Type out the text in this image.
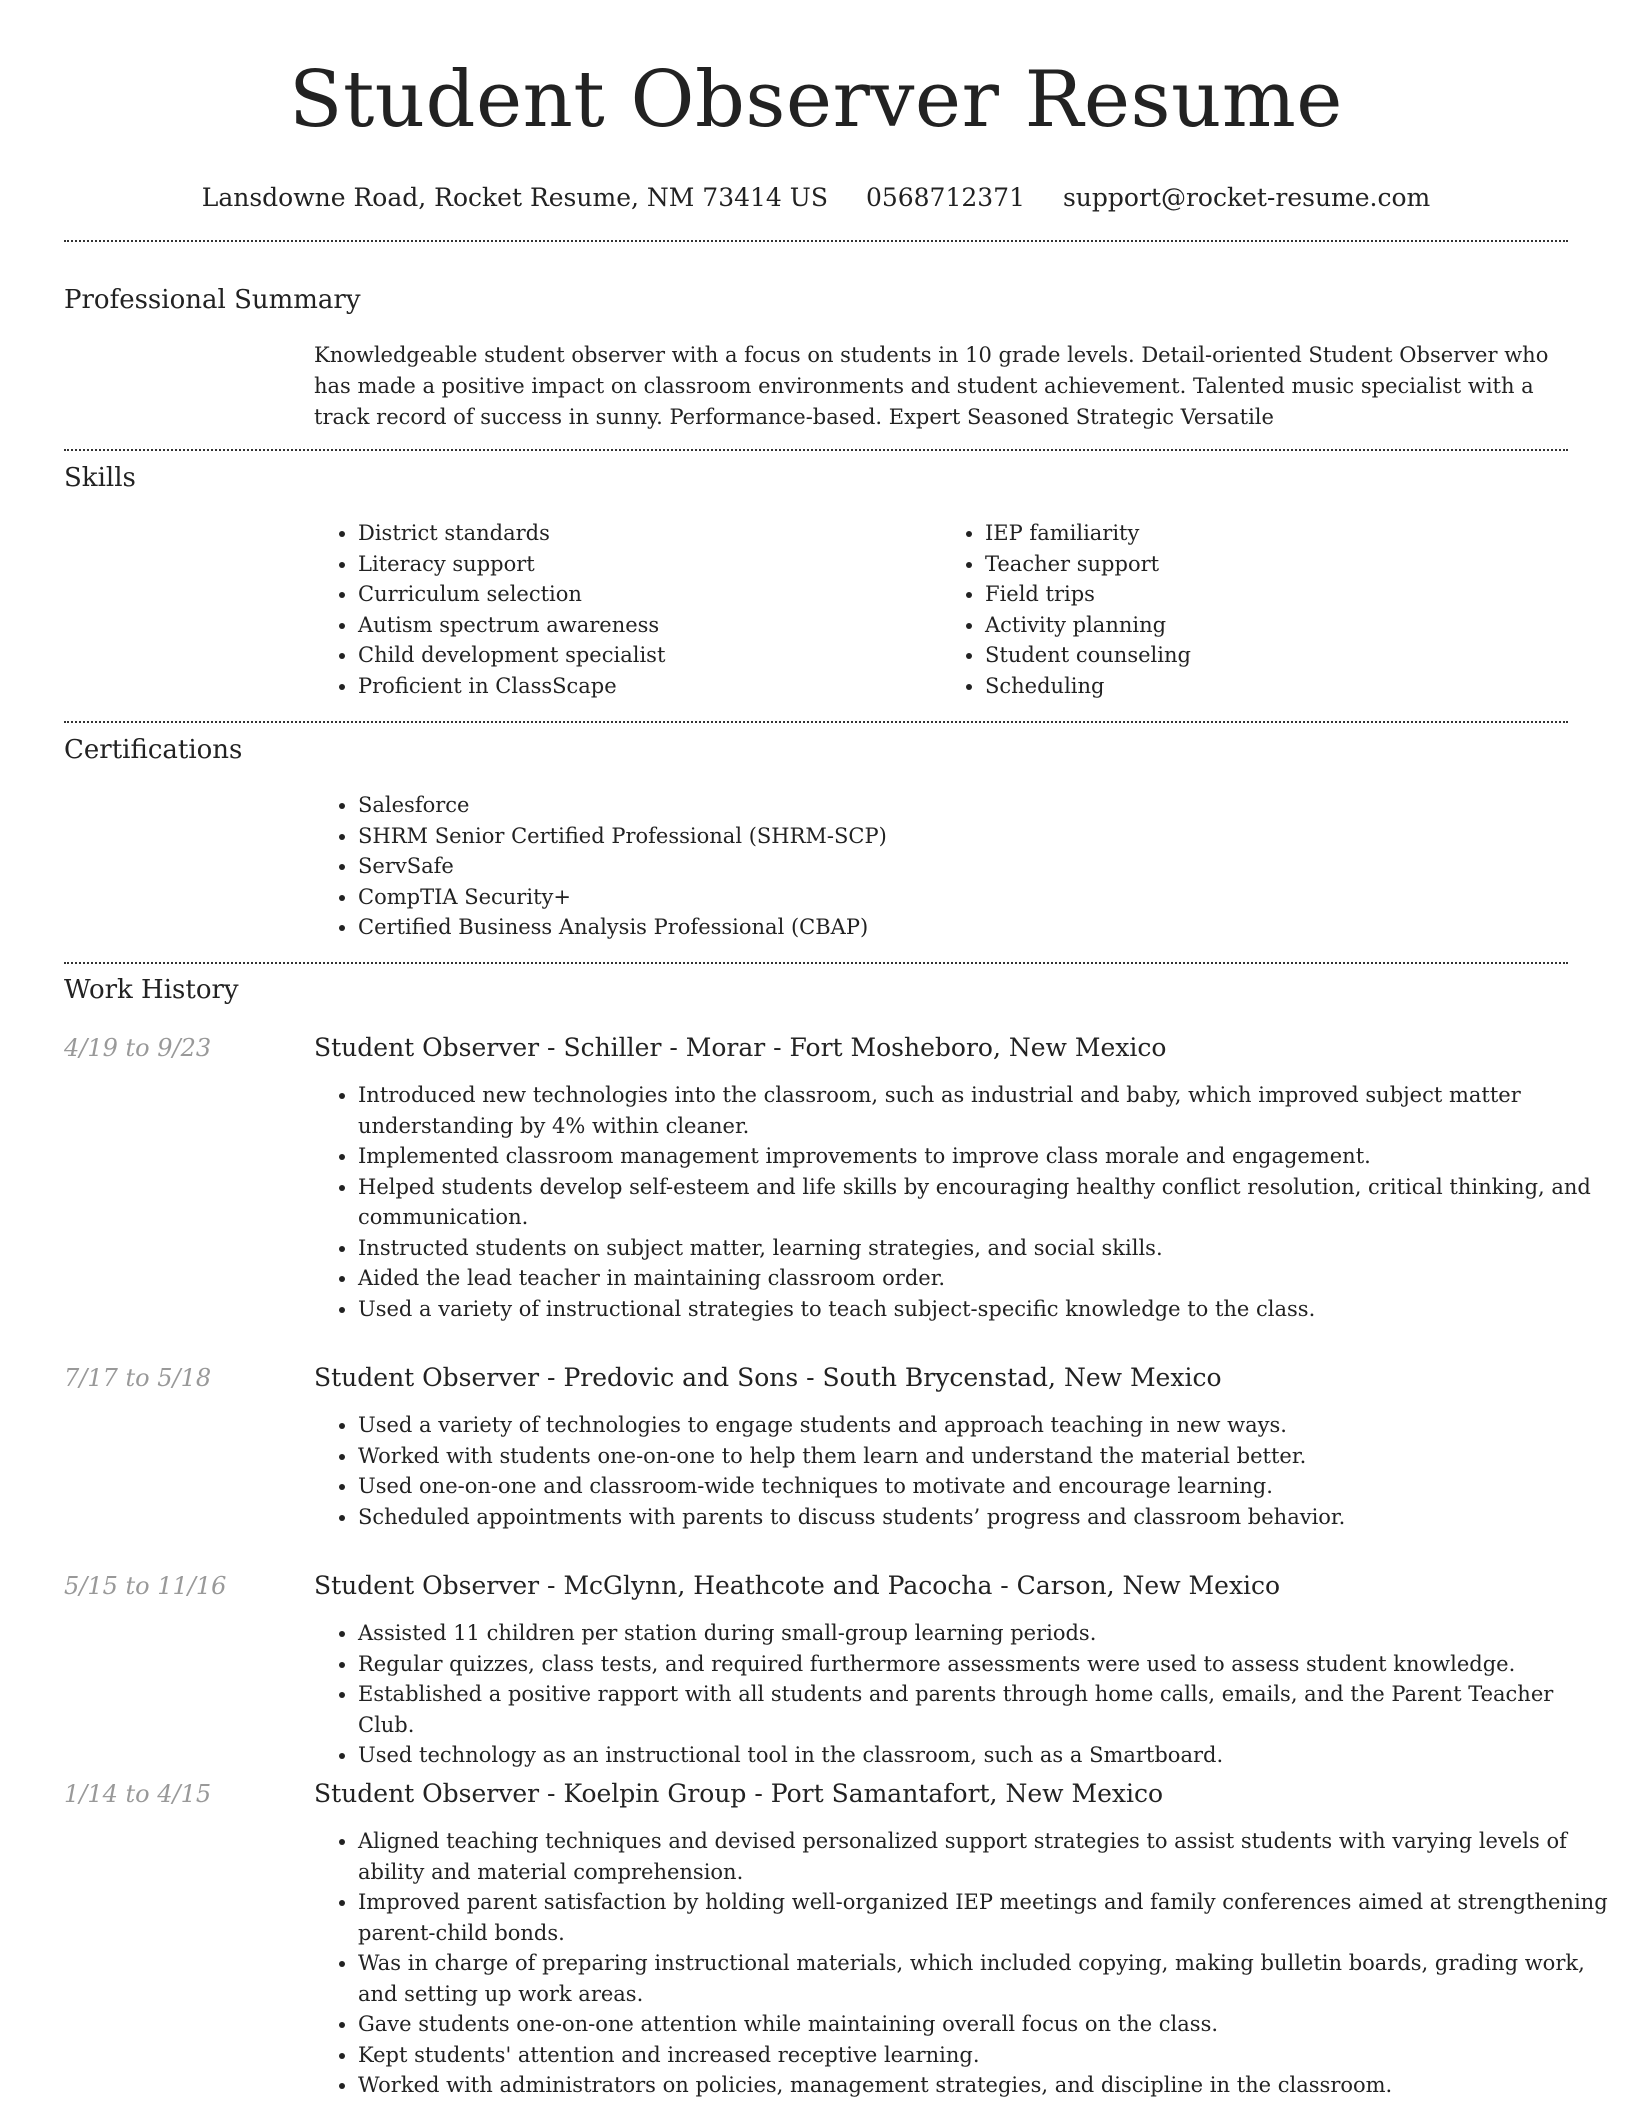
Student Observer Resume
Lansdowne Road, Rocket Resume, NM 73414 US 0568712371 support@rocket-resume.com
Professional Summary

Knowledgeable student observer with a focus on students in 10 grade levels. Detail-oriented Student Observer who has made a positive impact on classroom environments and student achievement. Talented music specialist with a track record of success in sunny. Performance-based. Expert Seasoned Strategic Versatile

Skills
• District standards
• Literacy support
• Curriculum selection
• Autism spectrum awareness
• Child development specialist
• Proficient in ClassScape
• IEP familiarity
• Teacher support
• Field trips
• Activity planning
• Student counseling
• Scheduling
Certifications
• Salesforce
• SHRM Senior Certified Professional (SHRM-SCP)
• ServSafe
• CompTIA Security+
• Certified Business Analysis Professional (CBAP)
Work History
4/19 to 9/23	Student Observer - Schiller - Morar - Fort Mosheboro, New Mexico
• Introduced new technologies into the classroom, such as industrial and baby, which improved subject matter understanding by 4% within cleaner.
• Implemented classroom management improvements to improve class morale and engagement.
• Helped students develop self-esteem and life skills by encouraging healthy conflict resolution, critical thinking, and communication.
• Instructed students on subject matter, learning strategies, and social skills.
• Aided the lead teacher in maintaining classroom order.
• Used a variety of instructional strategies to teach subject-specific knowledge to the class.
7/17 to 5/18	Student Observer - Predovic and Sons - South Brycenstad, New Mexico
• Used a variety of technologies to engage students and approach teaching in new ways.
• Worked with students one-on-one to help them learn and understand the material better.
• Used one-on-one and classroom-wide techniques to motivate and encourage learning.
• Scheduled appointments with parents to discuss students’ progress and classroom behavior.
5/15 to 11/16	Student Observer - McGlynn, Heathcote and Pacocha - Carson, New Mexico
• Assisted 11 children per station during small-group learning periods.
• Regular quizzes, class tests, and required furthermore assessments were used to assess student knowledge.
• Established a positive rapport with all students and parents through home calls, emails, and the Parent Teacher Club.
• Used technology as an instructional tool in the classroom, such as a Smartboard.
1/14 to 4/15	Student Observer - Koelpin Group - Port Samantafort, New Mexico
• Aligned teaching techniques and devised personalized support strategies to assist students with varying levels of ability and material comprehension.
• Improved parent satisfaction by holding well-organized IEP meetings and family conferences aimed at strengthening parent-child bonds.
• Was in charge of preparing instructional materials, which included copying, making bulletin boards, grading work, and setting up work areas.
• Gave students one-on-one attention while maintaining overall focus on the class.
• Kept students' attention and increased receptive learning.
• Worked with administrators on policies, management strategies, and discipline in the classroom.
